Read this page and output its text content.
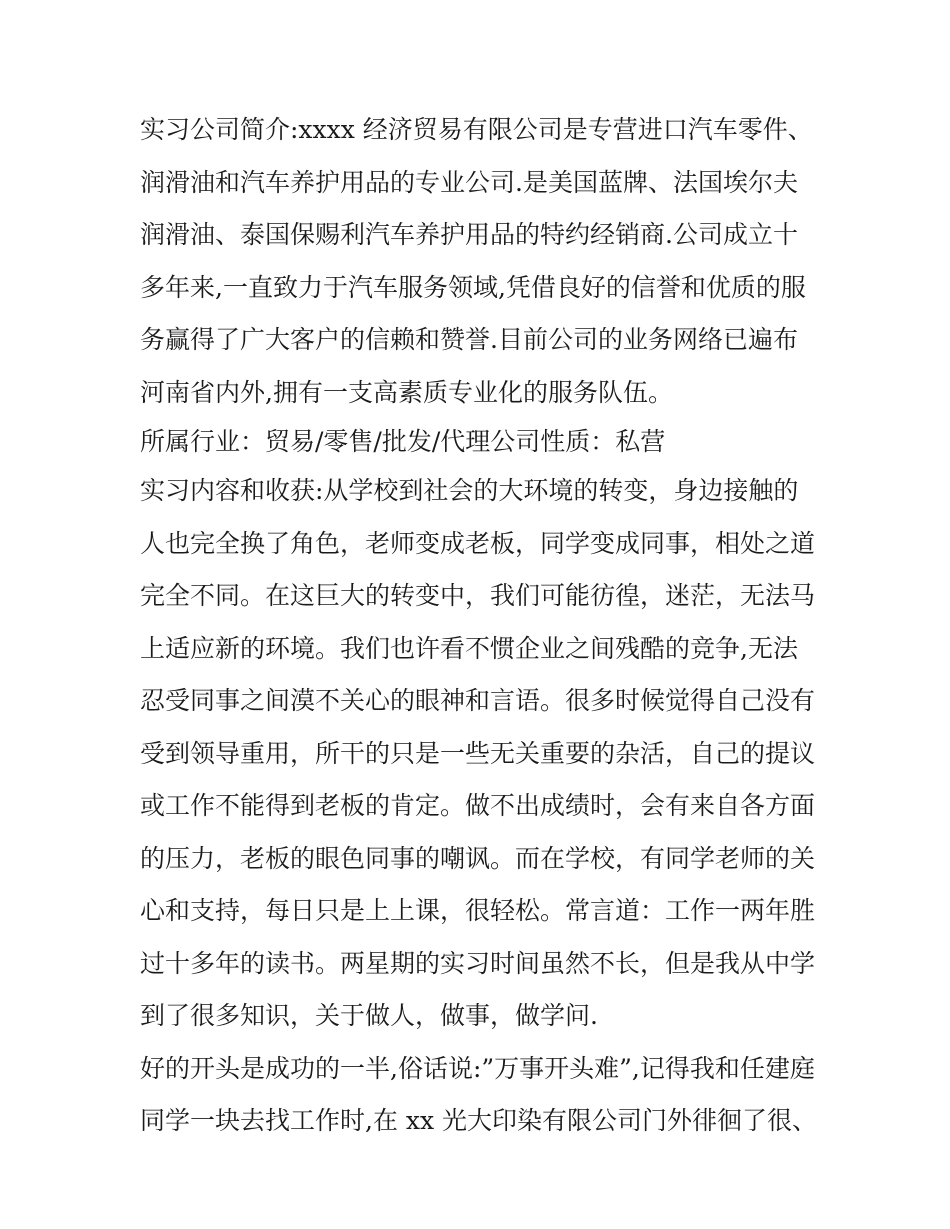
实习公司简介:xxxx 经济贸易有限公司是专营进口汽车零件、
润滑油和汽车养护用品的专业公司.是美国蓝牌、法国埃尔夫
润滑油、泰国保赐利汽车养护用品的特约经销商.公司成立十
多年来,一直致力于汽车服务领域,凭借良好的信誉和优质的服
务赢得了广大客户的信赖和赞誉.目前公司的业务网络已遍布
河南省内外,拥有一支高素质专业化的服务队伍。
所属行业：贸易/零售/批发/代理公司性质：私营
实习内容和收获:从学校到社会的大环境的转变，身边接触的
人也完全换了角色，老师变成老板，同学变成同事，相处之道
完全不同。在这巨大的转变中，我们可能彷徨，迷茫，无法马
上适应新的环境。我们也许看不惯企业之间残酷的竞争,无法
忍受同事之间漠不关心的眼神和言语。很多时候觉得自己没有
受到领导重用，所干的只是一些无关重要的杂活，自己的提议
或工作不能得到老板的肯定。做不出成绩时，会有来自各方面
的压力，老板的眼色同事的嘲讽。而在学校，有同学老师的关
心和支持，每日只是上上课，很轻松。常言道：工作一两年胜
过十多年的读书。两星期的实习时间虽然不长，但是我从中学
到了很多知识，关于做人，做事，做学问.
好的开头是成功的一半,俗话说:”万事开头难”,记得我和任建庭
同学一块去找工作时,在 xx 光大印染有限公司门外徘徊了很、
